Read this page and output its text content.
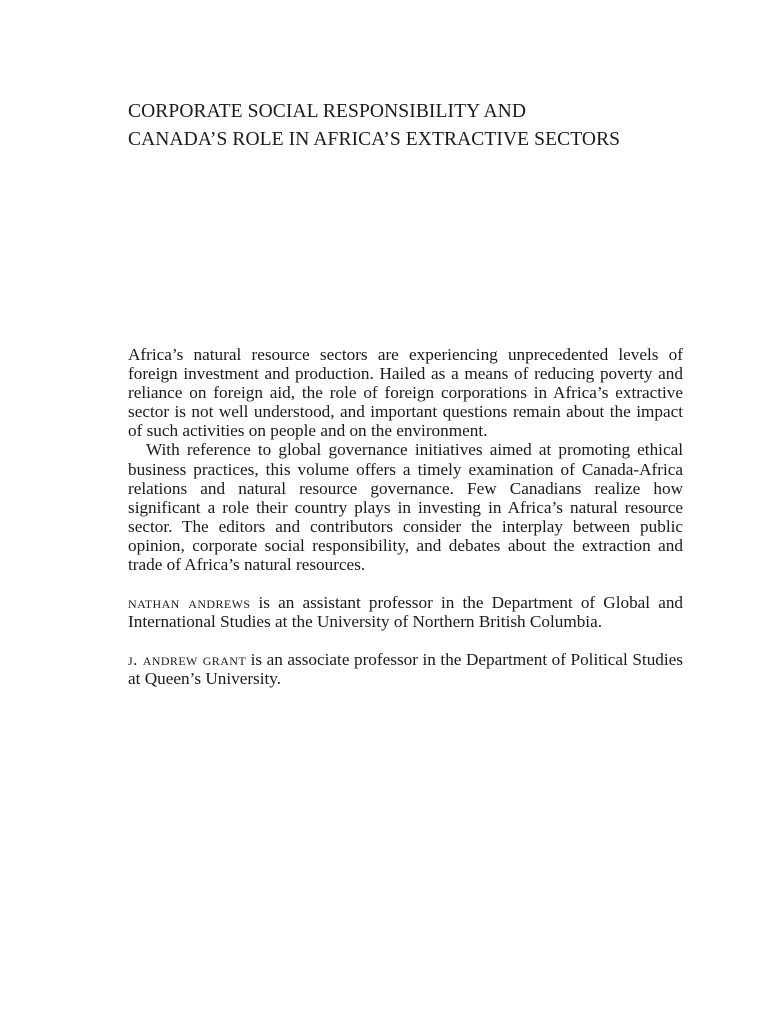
CORPORATE SOCIAL RESPONSIBILITY AND
CANADA’S ROLE IN AFRICA’S EXTRACTIVE SECTORS

Africa’s natural resource sectors are experiencing unprecedented levels of foreign investment and production. Hailed as a means of reducing poverty and reliance on foreign aid, the role of foreign corporations in Africa’s extractive sector is not well understood, and important questions remain about the impact of such activities on people and on the environment.

With reference to global governance initiatives aimed at promoting ethical business practices, this volume offers a timely examination of Canada-Africa relations and natural resource governance. Few Canadians realize how significant a role their country plays in investing in Africa’s natural resource sector. The editors and contributors consider the interplay between public opinion, corporate social responsibility, and debates about the extraction and trade of Africa’s natural resources.

nathan andrews is an assistant professor in the Department of Global and International Studies at the University of Northern British Columbia.

j. andrew grant is an associate professor in the Department of Political Studies at Queen’s University.
